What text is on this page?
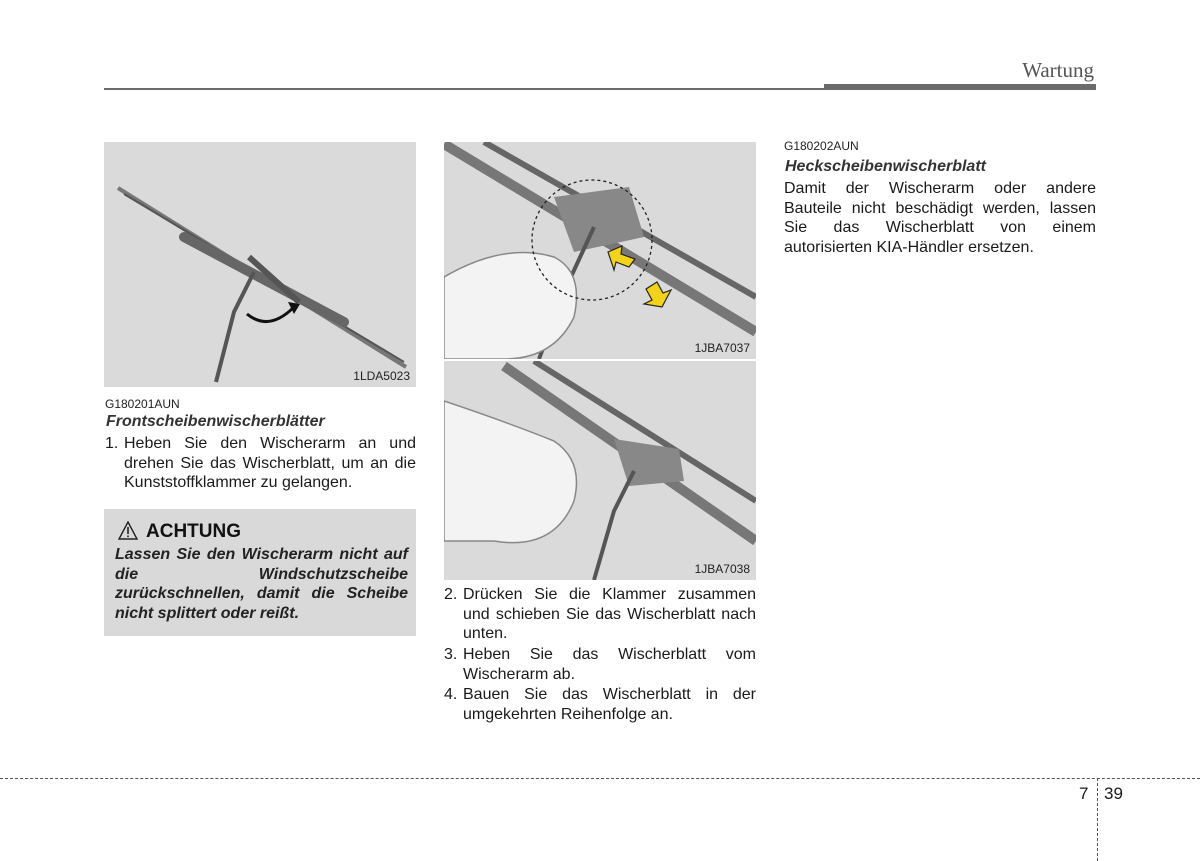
Wartung
1LDA5023
G180201AUN
Frontscheibenwischerblätter
1. Heben Sie den Wischerarm an und drehen Sie das Wischerblatt, um an die Kunststoffklammer zu gelangen.
ACHTUNG
Lassen Sie den Wischerarm nicht auf die Windschutzscheibe zurückschnellen, damit die Scheibe nicht splittert oder reißt.
1JBA7037
1JBA7038
2. Drücken Sie die Klammer zusammen und schieben Sie das Wischerblatt nach unten.
3. Heben Sie das Wischerblatt vom Wischerarm ab.
4. Bauen Sie das Wischerblatt in der umgekehrten Reihenfolge an.
G180202AUN
Heckscheibenwischerblatt
Damit der Wischerarm oder andere Bauteile nicht beschädigt werden, lassen Sie das Wischerblatt von einem autorisierten KIA-Händler ersetzen.
7 39
